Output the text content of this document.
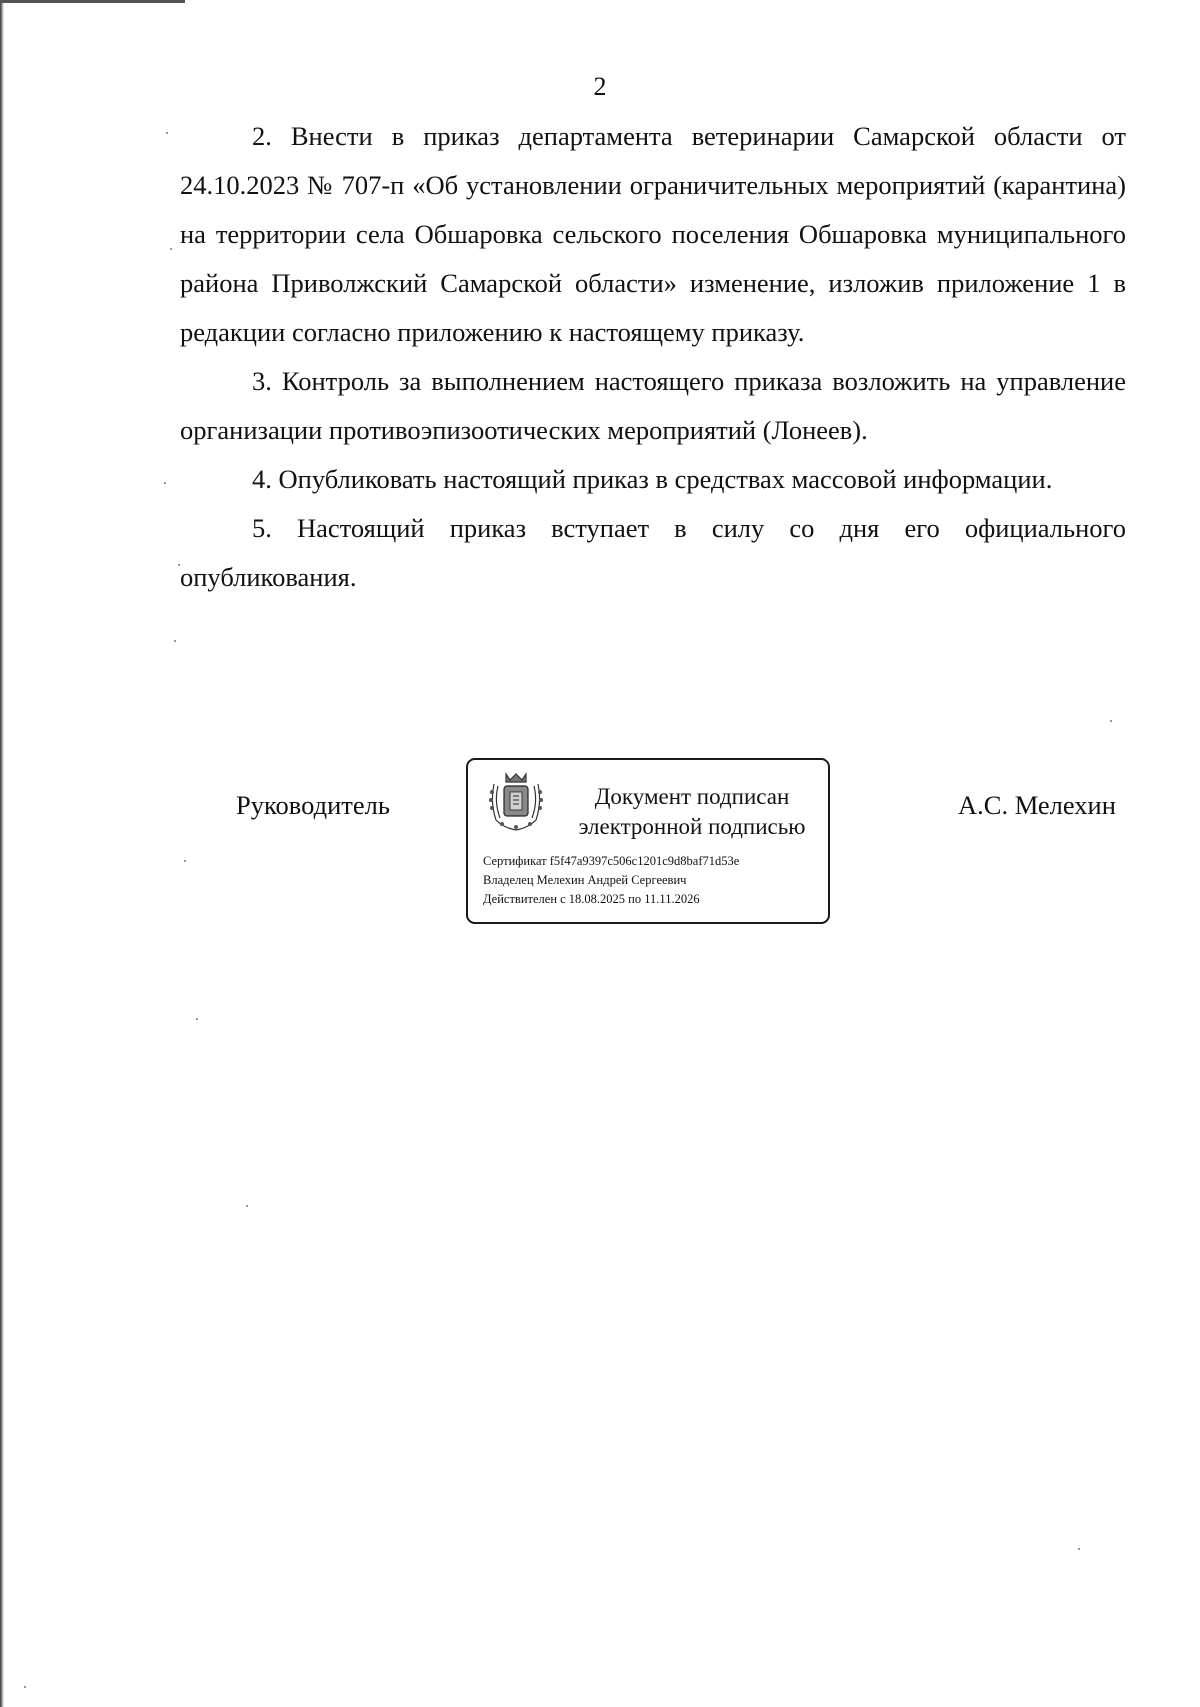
2

2. Внести в приказ департамента ветеринарии Самарской области от 24.10.2023 № 707-п «Об установлении ограничительных мероприятий (карантина) на территории села Обшаровка сельского поселения Обшаровка муниципального района Приволжский Самарской области» изменение, изложив приложение 1 в редакции согласно приложению к настоящему приказу.

3. Контроль за выполнением настоящего приказа возложить на управление организации противоэпизоотических мероприятий (Лонеев).

4. Опубликовать настоящий приказ в средствах массовой информации.

5. Настоящий приказ вступает в силу со дня его официального опубликования.

Руководитель	Документ подписан
электронной подписью
Сертификат f5f47a9397c506c1201c9d8baf71d53e
Владелец Мелехин Андрей Сергеевич
Действителен с 18.08.2025 по 11.11.2026
А.С. Мелехин
